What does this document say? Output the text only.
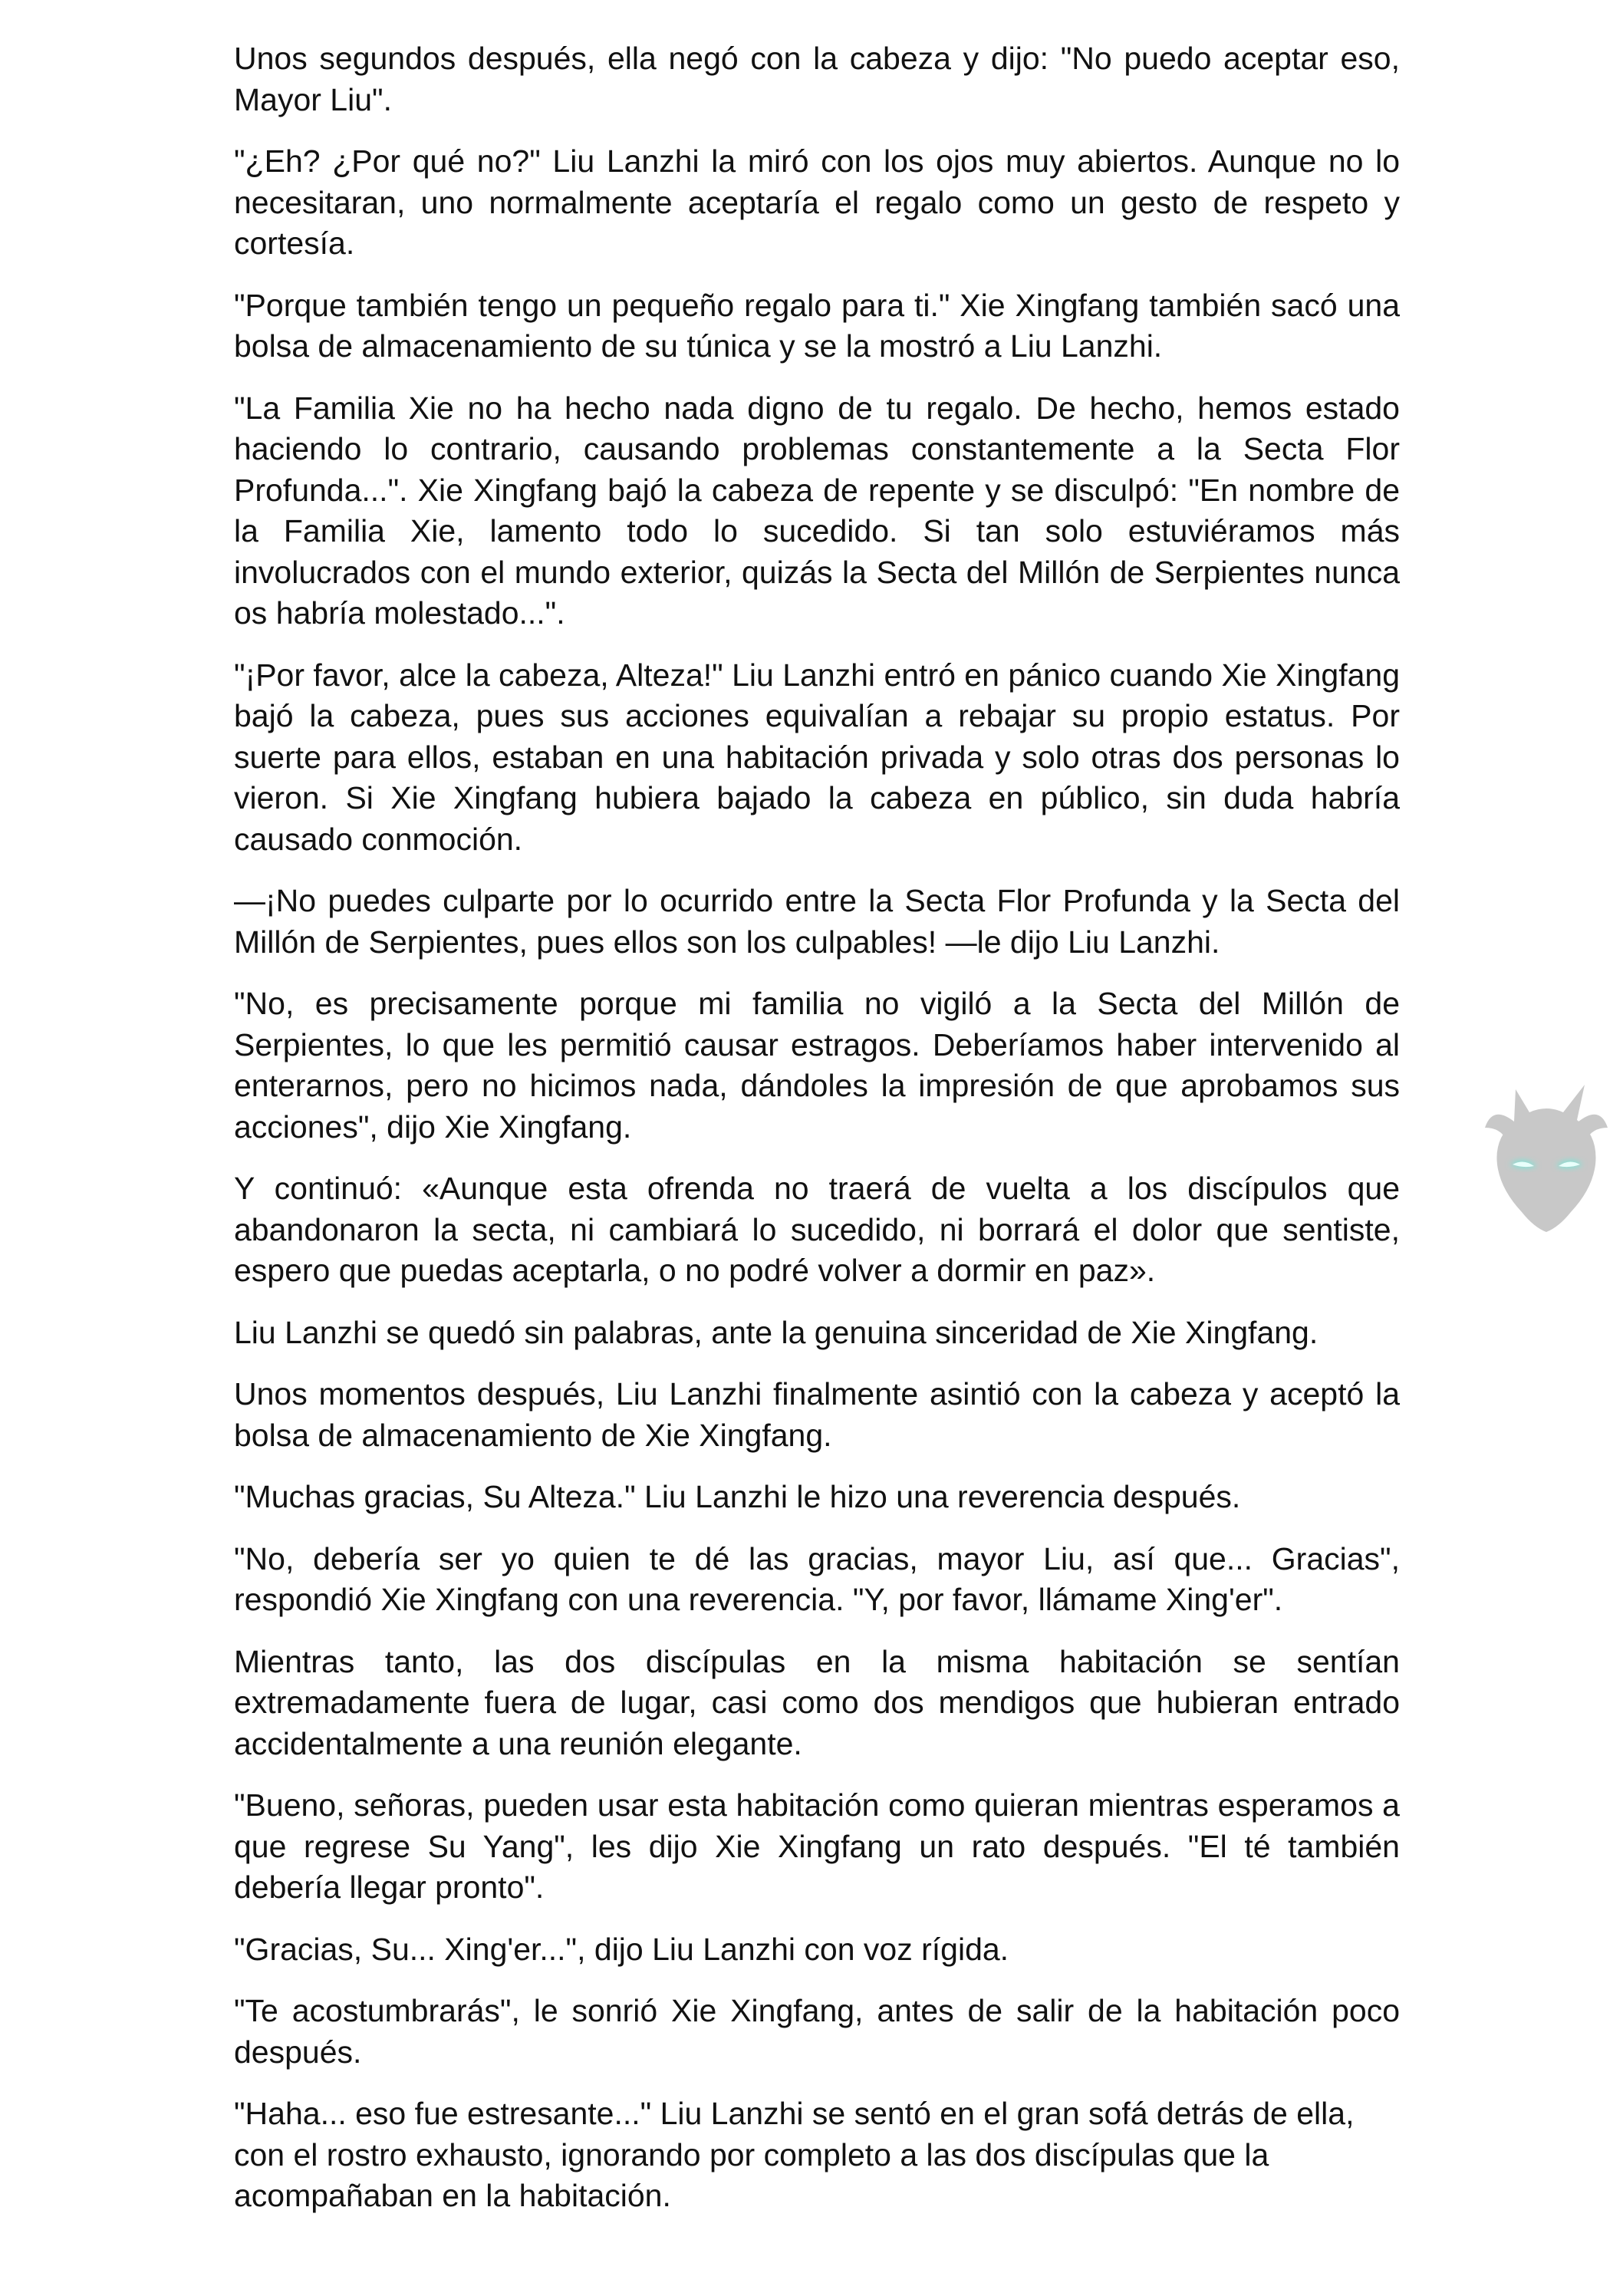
Unos segundos después, ella negó con la cabeza y dijo: "No puedo aceptar eso, Mayor Liu".

"¿Eh? ¿Por qué no?" Liu Lanzhi la miró con los ojos muy abiertos. Aunque no lo necesitaran, uno normalmente aceptaría el regalo como un gesto de respeto y cortesía.

"Porque también tengo un pequeño regalo para ti." Xie Xingfang también sacó una bolsa de almacenamiento de su túnica y se la mostró a Liu Lanzhi.

"La Familia Xie no ha hecho nada digno de tu regalo. De hecho, hemos estado haciendo lo contrario, causando problemas constantemente a la Secta Flor Profunda...". Xie Xingfang bajó la cabeza de repente y se disculpó: "En nombre de la Familia Xie, lamento todo lo sucedido. Si tan solo estuviéramos más involucrados con el mundo exterior, quizás la Secta del Millón de Serpientes nunca os habría molestado...".

"¡Por favor, alce la cabeza, Alteza!" Liu Lanzhi entró en pánico cuando Xie Xingfang bajó la cabeza, pues sus acciones equivalían a rebajar su propio estatus. Por suerte para ellos, estaban en una habitación privada y solo otras dos personas lo vieron. Si Xie Xingfang hubiera bajado la cabeza en público, sin duda habría causado conmoción.

—¡No puedes culparte por lo ocurrido entre la Secta Flor Profunda y la Secta del Millón de Serpientes, pues ellos son los culpables! —le dijo Liu Lanzhi.

"No, es precisamente porque mi familia no vigiló a la Secta del Millón de Serpientes, lo que les permitió causar estragos. Deberíamos haber intervenido al enterarnos, pero no hicimos nada, dándoles la impresión de que aprobamos sus acciones", dijo Xie Xingfang.

Y continuó: «Aunque esta ofrenda no traerá de vuelta a los discípulos que abandonaron la secta, ni cambiará lo sucedido, ni borrará el dolor que sentiste, espero que puedas aceptarla, o no podré volver a dormir en paz».

Liu Lanzhi se quedó sin palabras, ante la genuina sinceridad de Xie Xingfang.

Unos momentos después, Liu Lanzhi finalmente asintió con la cabeza y aceptó la bolsa de almacenamiento de Xie Xingfang.

"Muchas gracias, Su Alteza." Liu Lanzhi le hizo una reverencia después.

"No, debería ser yo quien te dé las gracias, mayor Liu, así que... Gracias", respondió Xie Xingfang con una reverencia. "Y, por favor, llámame Xing'er".

Mientras tanto, las dos discípulas en la misma habitación se sentían extremadamente fuera de lugar, casi como dos mendigos que hubieran entrado accidentalmente a una reunión elegante.

"Bueno, señoras, pueden usar esta habitación como quieran mientras esperamos a que regrese Su Yang", les dijo Xie Xingfang un rato después. "El té también debería llegar pronto".

"Gracias, Su... Xing'er...", dijo Liu Lanzhi con voz rígida.

"Te acostumbrarás", le sonrió Xie Xingfang, antes de salir de la habitación poco después.

"Haha... eso fue estresante..." Liu Lanzhi se sentó en el gran sofá detrás de ella, con el rostro exhausto, ignorando por completo a las dos discípulas que la acompañaban en la habitación.
